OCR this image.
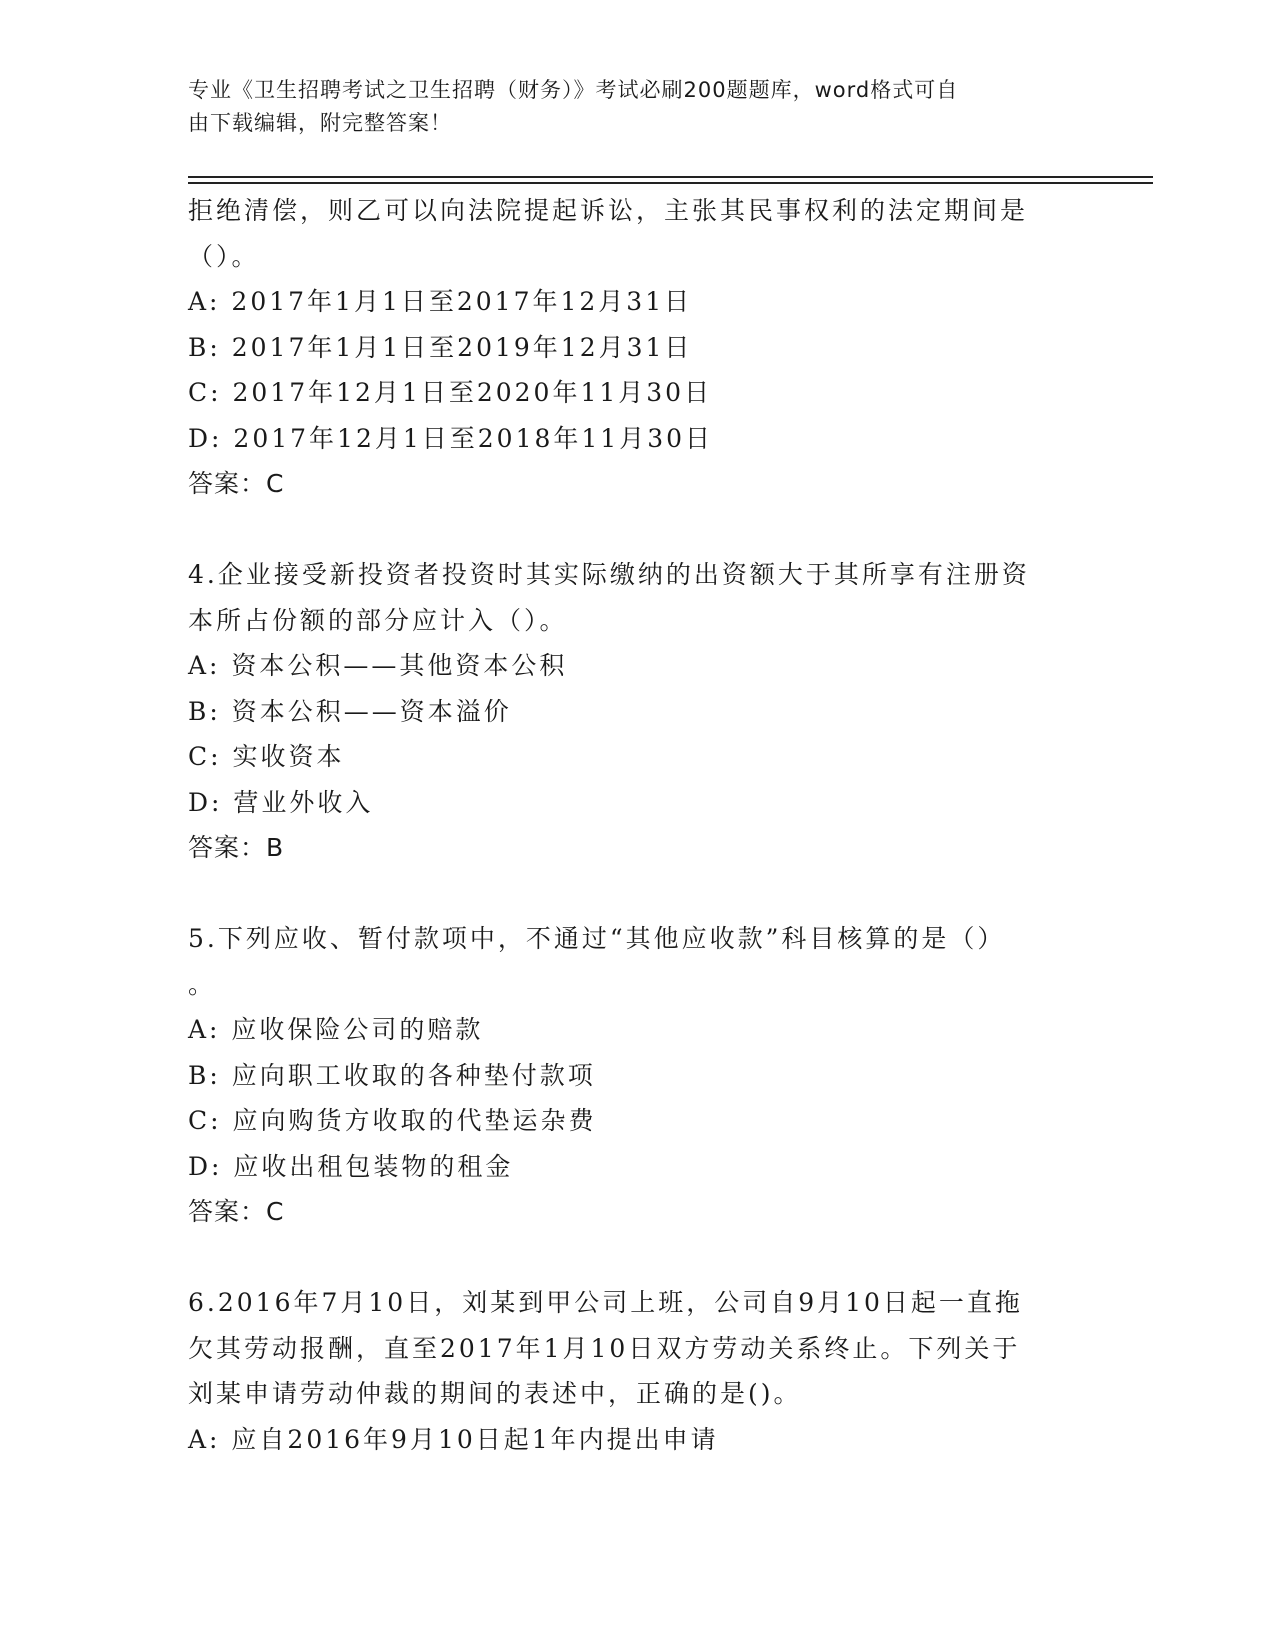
专业《卫生招聘考试之卫生招聘（财务）》考试必刷200题题库，word格式可自
由下载编辑，附完整答案！
拒绝清偿，则乙可以向法院提起诉讼，主张其民事权利的法定期间是
（）。
A: 2017年1月1日至2017年12月31日
B: 2017年1月1日至2019年12月31日
C: 2017年12月1日至2020年11月30日
D: 2017年12月1日至2018年11月30日
答案：C
4.企业接受新投资者投资时其实际缴纳的出资额大于其所享有注册资
本所占份额的部分应计入（）。
A: 资本公积——其他资本公积
B: 资本公积——资本溢价
C: 实收资本
D: 营业外收入
答案：B
5.下列应收、暂付款项中，不通过“其他应收款”科目核算的是（）
。
A: 应收保险公司的赔款
B: 应向职工收取的各种垫付款项
C: 应向购货方收取的代垫运杂费
D: 应收出租包装物的租金
答案：C
6.2016年7月10日，刘某到甲公司上班，公司自9月10日起一直拖
欠其劳动报酬，直至2017年1月10日双方劳动关系终止。下列关于
刘某申请劳动仲裁的期间的表述中，正确的是()。
A: 应自2016年9月10日起1年内提出申请
